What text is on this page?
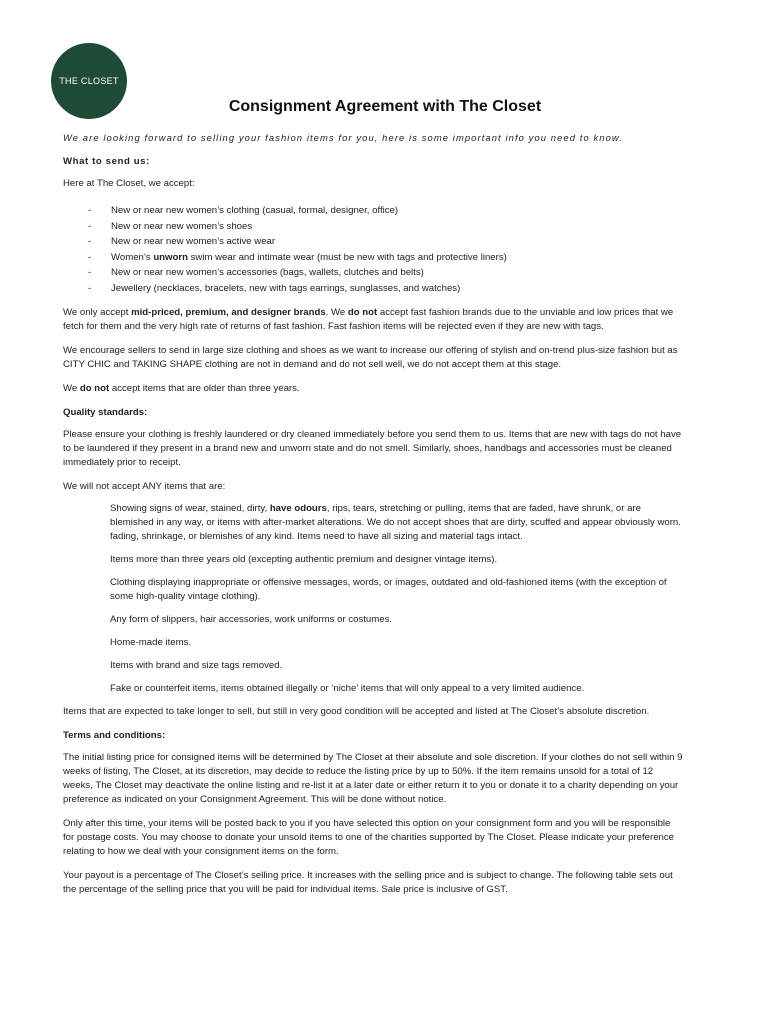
THE CLOSET
Consignment Agreement with The Closet

We are looking forward to selling your fashion items for you, here is some important info you need to know.

What to send us:

Here at The Closet, we accept:

- New or near new women’s clothing (casual, formal, designer, office)
- New or near new women’s shoes
- New or near new women’s active wear
- Women’s unworn swim wear and intimate wear (must be new with tags and protective liners)
- New or near new women’s accessories (bags, wallets, clutches and belts)
- Jewellery (necklaces, bracelets, new with tags earrings, sunglasses, and watches)

We only accept mid-priced, premium, and designer brands. We do not accept fast fashion brands due to the unviable and low prices that we fetch for them and the very high rate of returns of fast fashion. Fast fashion items will be rejected even if they are new with tags.

We encourage sellers to send in large size clothing and shoes as we want to increase our offering of stylish and on-trend plus-size fashion but as CITY CHIC and TAKING SHAPE clothing are not in demand and do not sell well, we do not accept them at this stage.

We do not accept items that are older than three years.

Quality standards:

Please ensure your clothing is freshly laundered or dry cleaned immediately before you send them to us. Items that are new with tags do not have to be laundered if they present in a brand new and unworn state and do not smell. Similarly, shoes, handbags and accessories must be cleaned immediately prior to receipt.

We will not accept ANY items that are:

Showing signs of wear, stained, dirty, have odours, rips, tears, stretching or pulling, items that are faded, have shrunk, or are blemished in any way, or items with after-market alterations. We do not accept shoes that are dirty, scuffed and appear obviously worn. fading, shrinkage, or blemishes of any kind. Items need to have all sizing and material tags intact.

Items more than three years old (excepting authentic premium and designer vintage items).

Clothing displaying inappropriate or offensive messages, words, or images, outdated and old-fashioned items (with the exception of some high-quality vintage clothing).

Any form of slippers, hair accessories, work uniforms or costumes.

Home-made items.

Items with brand and size tags removed.

Fake or counterfeit items, items obtained illegally or ‘niche’ items that will only appeal to a very limited audience.

Items that are expected to take longer to sell, but still in very good condition will be accepted and listed at The Closet’s absolute discretion.

Terms and conditions:

The initial listing price for consigned items will be determined by The Closet at their absolute and sole discretion. If your clothes do not sell within 9 weeks of listing, The Closet, at its discretion, may decide to reduce the listing price by up to 50%. If the item remains unsold for a total of 12 weeks, The Closet may deactivate the online listing and re-list it at a later date or either return it to you or donate it to a charity depending on your preference as indicated on your Consignment Agreement. This will be done without notice.

Only after this time, your items will be posted back to you if you have selected this option on your consignment form and you will be responsible for postage costs. You may choose to donate your unsold items to one of the charities supported by The Closet. Please indicate your preference relating to how we deal with your consignment items on the form.

Your payout is a percentage of The Closet’s selling price. It increases with the selling price and is subject to change. The following table sets out the percentage of the selling price that you will be paid for individual items. Sale price is inclusive of GST.
